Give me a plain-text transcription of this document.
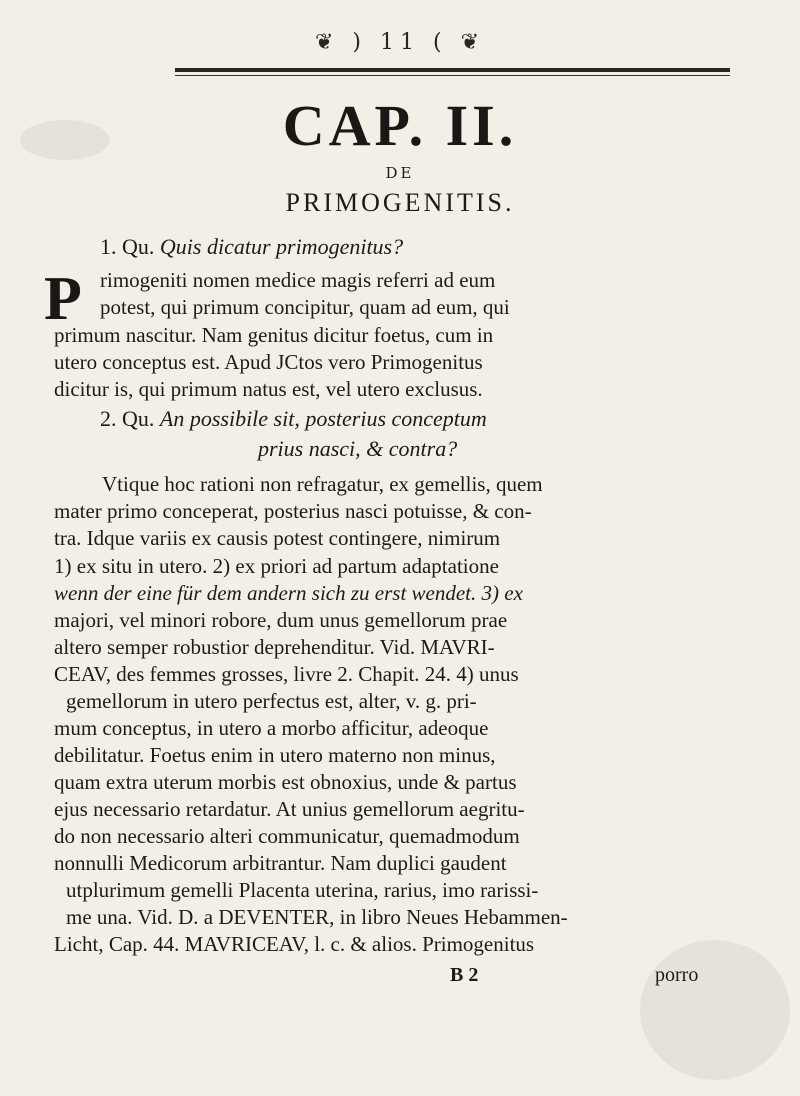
❦ ) 11 ( ❦
CAP. II.
DE
PRIMOGENITIS.
1. Qu. Quis dicatur primogenitus?
P rimogeniti nomen medice magis referri ad eum
potest, qui primum concipitur, quam ad eum, qui
primum nascitur. Nam genitus dicitur foetus, cum in
utero conceptus est. Apud JCtos vero Primogenitus
dicitur is, qui primum natus est, vel utero exclusus.
2. Qu. An possibile sit, posterius conceptum
prius nasci, & contra?
Vtique hoc rationi non refragatur, ex gemellis, quem
mater primo conceperat, posterius nasci potuisse, & con-
tra. Idque variis ex causis potest contingere, nimirum
1) ex situ in utero. 2) ex priori ad partum adaptatione
wenn der eine für dem andern sich zu erst wendet. 3) ex
majori, vel minori robore, dum unus gemellorum prae
altero semper robustior deprehenditur. Vid. MAVRI-
CEAV, des femmes grosses, livre 2. Chapit. 24. 4) unus
gemellorum in utero perfectus est, alter, v. g. pri-
mum conceptus, in utero a morbo afficitur, adeoque
debilitatur. Foetus enim in utero materno non minus,
quam extra uterum morbis est obnoxius, unde & partus
ejus necessario retardatur. At unius gemellorum aegritu-
do non necessario alteri communicatur, quemadmodum
nonnulli Medicorum arbitrantur. Nam duplici gaudent
utplurimum gemelli Placenta uterina, rarius, imo rarissi-
me una. Vid. D. a DEVENTER, in libro Neues Hebammen-
Licht, Cap. 44. MAVRICEAV, l. c. & alios. Primogenitus
B 2	porro
